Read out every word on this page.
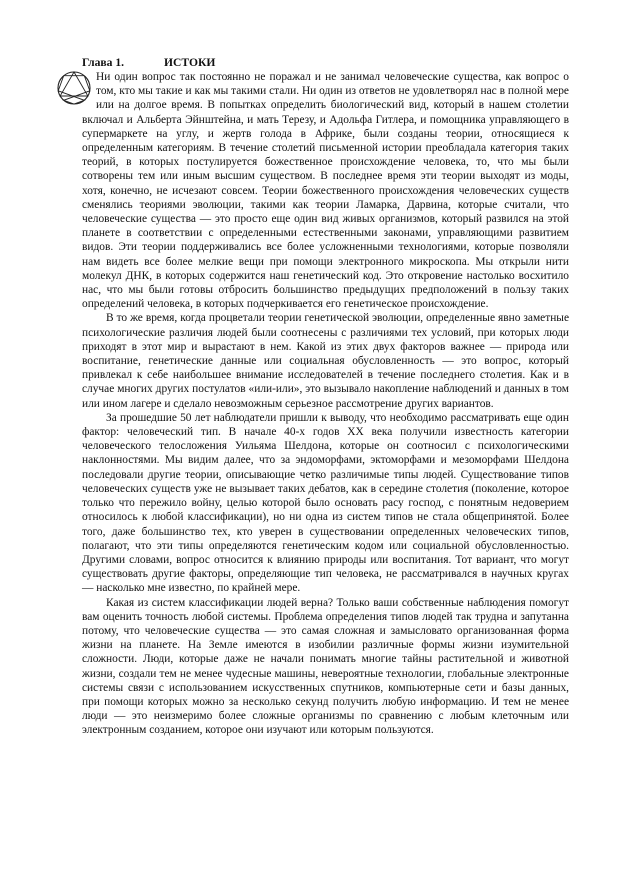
Глава 1.	ИСТОКИ

Ни один вопрос так постоянно не поражал и не занимал человеческие существа, как вопрос о том, кто мы такие и как мы такими стали. Ни один из ответов не удовлетворял нас в полной мере или на долгое время. В попытках определить биологический вид, который в нашем столетии включал и Альберта Эйнштейна, и мать Терезу, и Адольфа Гитлера, и помощника управляющего в супермаркете на углу, и жертв голода в Африке, были созданы теории, относящиеся к определенным категориям. В течение столетий письменной истории преобладала категория таких теорий, в которых постулируется божественное происхождение человека, то, что мы были сотворены тем или иным высшим существом. В последнее время эти теории выходят из моды, хотя, конечно, не исчезают совсем. Теории божественного происхождения человеческих существ сменялись теориями эволюции, такими как теории Ламарка, Дарвина, которые считали, что человеческие существа — это просто еще один вид живых организмов, который развился на этой планете в соответствии с определенными естественными законами, управляющими развитием видов. Эти теории поддерживались все более усложненными технологиями, которые позволяли нам видеть все более мелкие вещи при помощи электронного микроскопа. Мы открыли нити молекул ДНК, в которых содержится наш генетический код. Это откровение настолько восхитило нас, что мы были готовы отбросить большинство предыдущих предположений в пользу таких определений человека, в которых подчеркивается его генетическое происхождение.

В то же время, когда процветали теории генетической эволюции, определенные явно заметные психологические различия людей были соотнесены с различиями тех условий, при которых люди приходят в этот мир и вырастают в нем. Какой из этих двух факторов важнее — природа или воспитание, генетические данные или социальная обусловленность — это вопрос, который привлекал к себе наибольшее внимание исследователей в течение последнего столетия. Как и в случае многих других постулатов «или-или», это вызывало накопление наблюдений и данных в том или ином лагере и сделало невозможным серьезное рассмотрение других вариантов.

За прошедшие 50 лет наблюдатели пришли к выводу, что необходимо рассматривать еще один фактор: человеческий тип. В начале 40-х годов XX века получили известность категории человеческого телосложения Уильяма Шелдона, которые он соотносил с психологическими наклонностями. Мы видим далее, что за эндоморфами, эктоморфами и мезоморфами Шелдона последовали другие теории, описывающие четко различимые типы людей. Существование типов человеческих существ уже не вызывает таких дебатов, как в середине столетия (поколение, которое только что пережило войну, целью которой было основать расу господ, с понятным недоверием относилось к любой классификации), но ни одна из систем типов не стала общепринятой. Более того, даже большинство тех, кто уверен в существовании определенных человеческих типов, полагают, что эти типы определяются генетическим кодом или социальной обусловленностью. Другими словами, вопрос относится к влиянию природы или воспитания. Тот вариант, что могут существовать другие факторы, определяющие тип человека, не рассматривался в научных кругах — насколько мне известно, по крайней мере.

Какая из систем классификации людей верна? Только ваши собственные наблюдения помогут вам оценить точность любой системы. Проблема определения типов людей так трудна и запутанна потому, что человеческие существа — это самая сложная и замысловато организованная форма жизни на планете. На Земле имеются в изобилии различные формы жизни изумительной сложности. Люди, которые даже не начали понимать многие тайны растительной и животной жизни, создали тем не менее чудесные машины, невероятные технологии, глобальные электронные системы связи с использованием искусственных спутников, компьютерные сети и базы данных, при помощи которых можно за несколько секунд получить любую информацию. И тем не менее люди — это неизмеримо более сложные организмы по сравнению с любым клеточным или электронным созданием, которое они изучают или которым пользуются.
